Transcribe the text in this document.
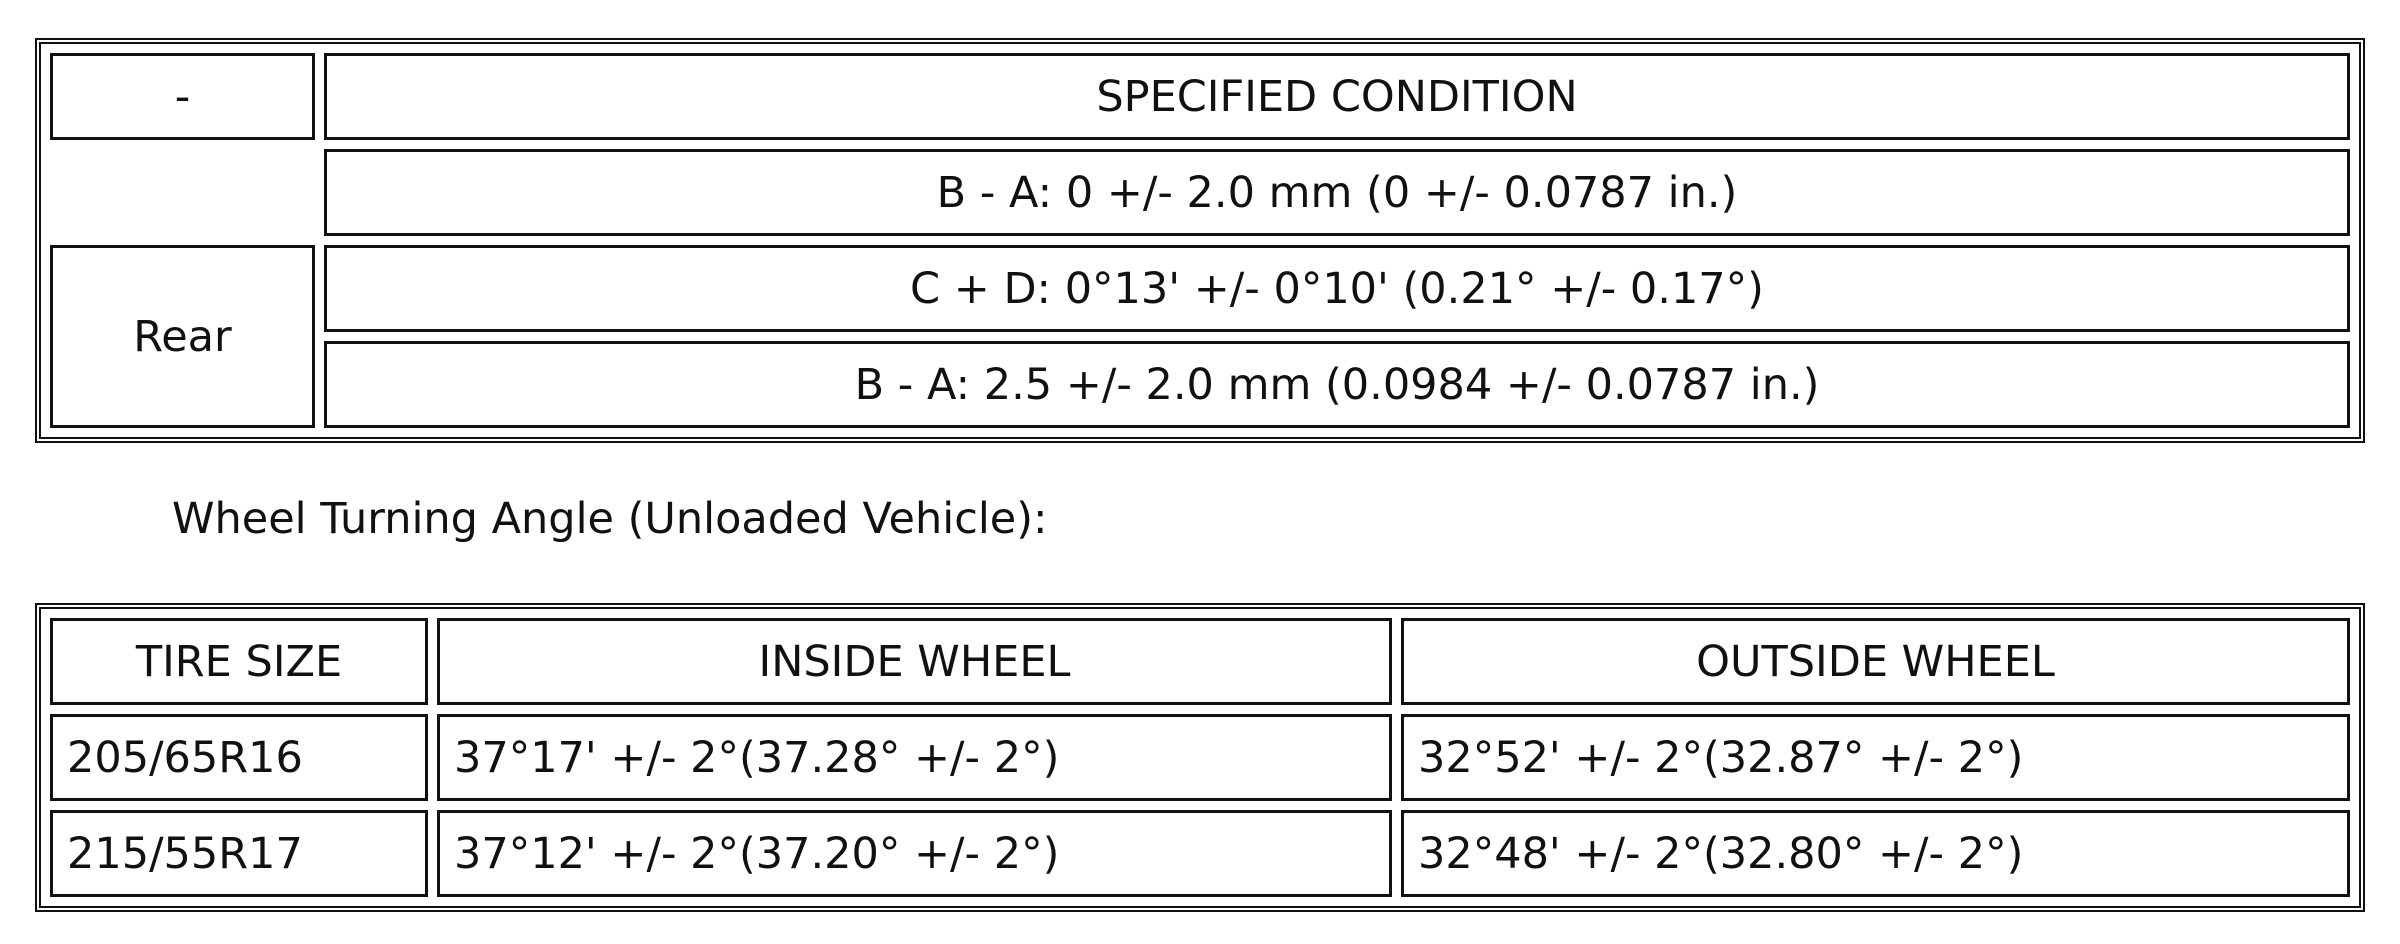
-	SPECIFIED CONDITION
	B - A: 0 +/- 2.0 mm (0 +/- 0.0787 in.)
Rear	C + D: 0°13' +/- 0°10' (0.21° +/- 0.17°)
	B - A: 2.5 +/- 2.0 mm (0.0984 +/- 0.0787 in.)

Wheel Turning Angle (Unloaded Vehicle):

TIRE SIZE	INSIDE WHEEL	OUTSIDE WHEEL
205/65R16	37°17' +/- 2°(37.28° +/- 2°)	32°52' +/- 2°(32.87° +/- 2°)
215/55R17	37°12' +/- 2°(37.20° +/- 2°)	32°48' +/- 2°(32.80° +/- 2°)
